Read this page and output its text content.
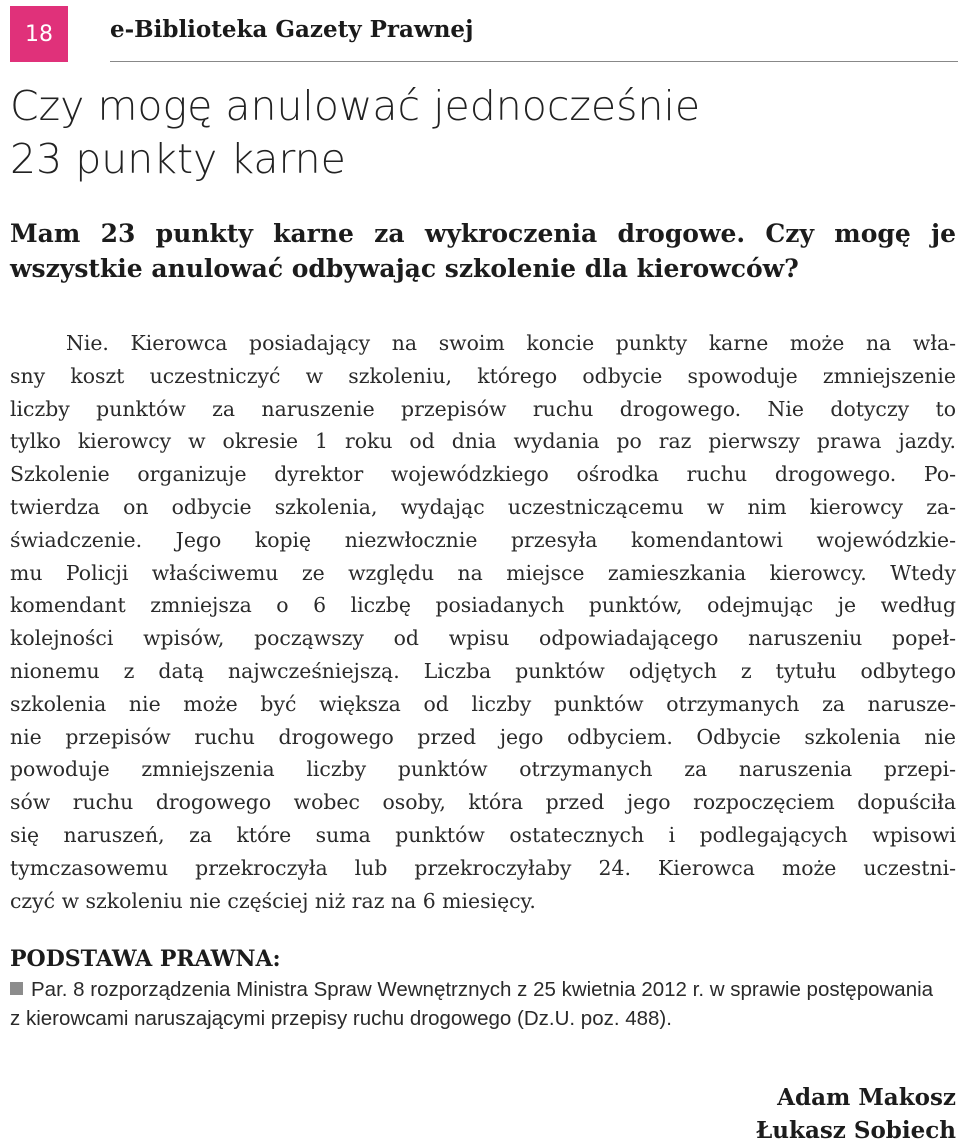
18 e-Biblioteka Gazety Prawnej
Czy mogę anulować jednocześnie
23 punkty karne
Mam 23 punkty karne za wykroczenia drogowe. Czy mogę je
wszystkie anulować odbywając szkolenie dla kierowców?
Nie. Kierowca posiadający na swoim koncie punkty karne może na wła-
sny koszt uczestniczyć w szkoleniu, którego odbycie spowoduje zmniejszenie
liczby punktów za naruszenie przepisów ruchu drogowego. Nie dotyczy to
tylko kierowcy w okresie 1 roku od dnia wydania po raz pierwszy prawa jazdy.
Szkolenie organizuje dyrektor wojewódzkiego ośrodka ruchu drogowego. Po-
twierdza on odbycie szkolenia, wydając uczestniczącemu w nim kierowcy za-
świadczenie. Jego kopię niezwłocznie przesyła komendantowi wojewódzkie-
mu Policji właściwemu ze względu na miejsce zamieszkania kierowcy. Wtedy
komendant zmniejsza o 6 liczbę posiadanych punktów, odejmując je według
kolejności wpisów, począwszy od wpisu odpowiadającego naruszeniu popeł-
nionemu z datą najwcześniejszą. Liczba punktów odjętych z tytułu odbytego
szkolenia nie może być większa od liczby punktów otrzymanych za narusze-
nie przepisów ruchu drogowego przed jego odbyciem. Odbycie szkolenia nie
powoduje zmniejszenia liczby punktów otrzymanych za naruszenia przepi-
sów ruchu drogowego wobec osoby, która przed jego rozpoczęciem dopuściła
się naruszeń, za które suma punktów ostatecznych i podlegających wpisowi
tymczasowemu przekroczyła lub przekroczyłaby 24. Kierowca może uczestni-
czyć w szkoleniu nie częściej niż raz na 6 miesięcy.
PODSTAWA PRAWNA:
Par. 8 rozporządzenia Ministra Spraw Wewnętrznych z 25 kwietnia 2012 r. w sprawie postępowania
z kierowcami naruszającymi przepisy ruchu drogowego (Dz.U. poz. 488).
Adam Makosz
Łukasz Sobiech
